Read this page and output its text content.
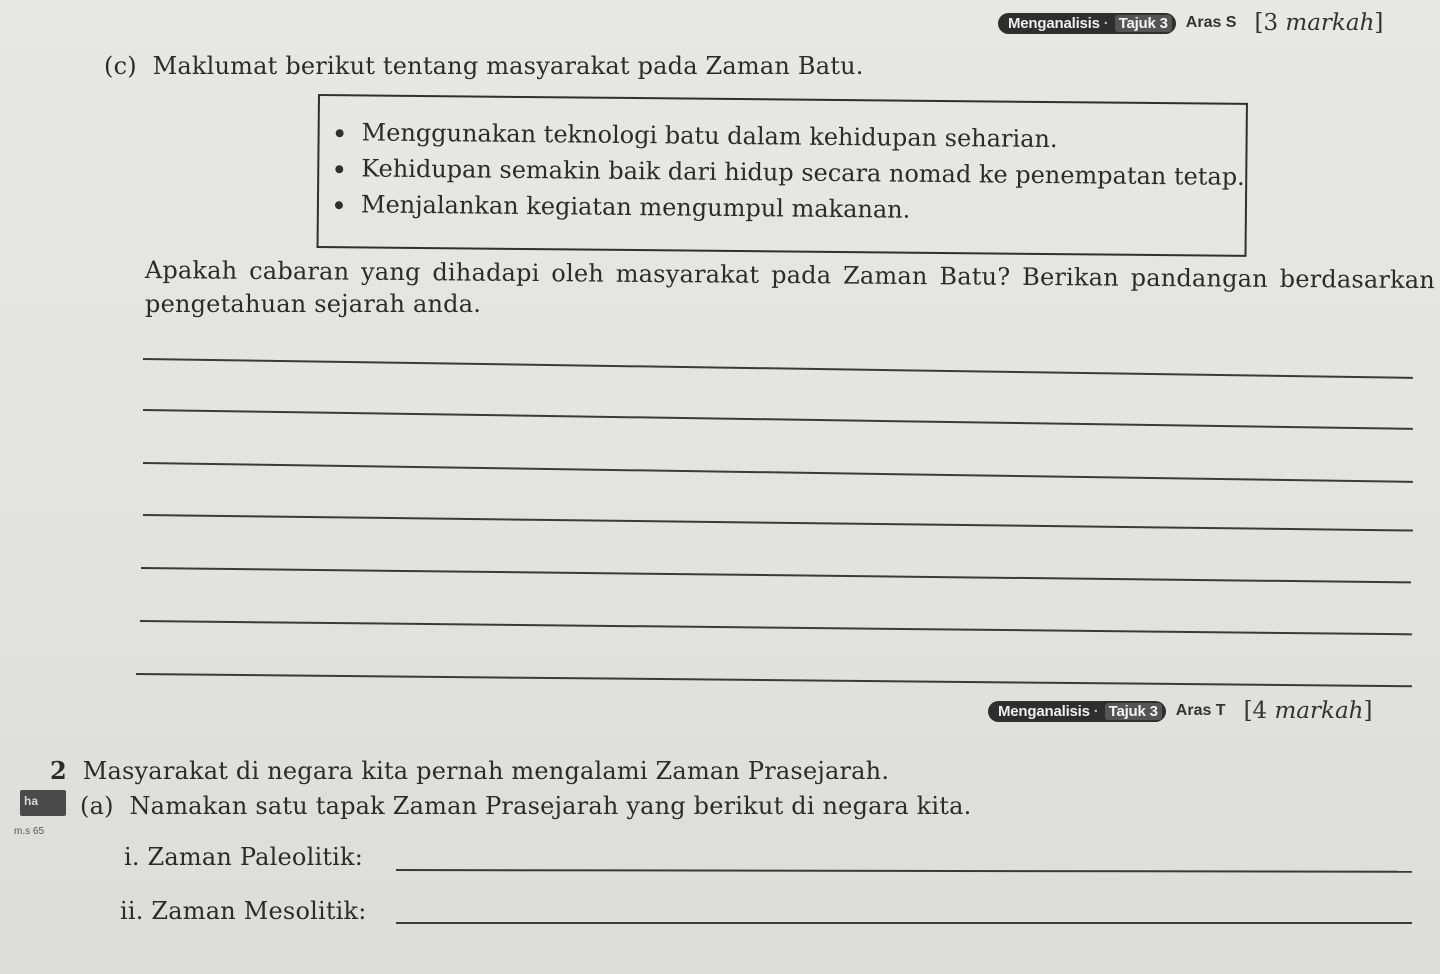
Menganalisis · Tajuk 3 Aras S [3 markah]
(c) Maklumat berikut tentang masyarakat pada Zaman Batu.
Menggunakan teknologi batu dalam kehidupan seharian.
Kehidupan semakin baik dari hidup secara nomad ke penempatan tetap.
Menjalankan kegiatan mengumpul makanan.
Apakah cabaran yang dihadapi oleh masyarakat pada Zaman Batu? Berikan pandangan berdasarkan
pengetahuan sejarah anda.
Menganalisis · Tajuk 3 Aras T [4 markah]
2 Masyarakat di negara kita pernah mengalami Zaman Prasejarah.
ha
m.s 65
(a) Namakan satu tapak Zaman Prasejarah yang berikut di negara kita.
i. Zaman Paleolitik:
ii. Zaman Mesolitik:
